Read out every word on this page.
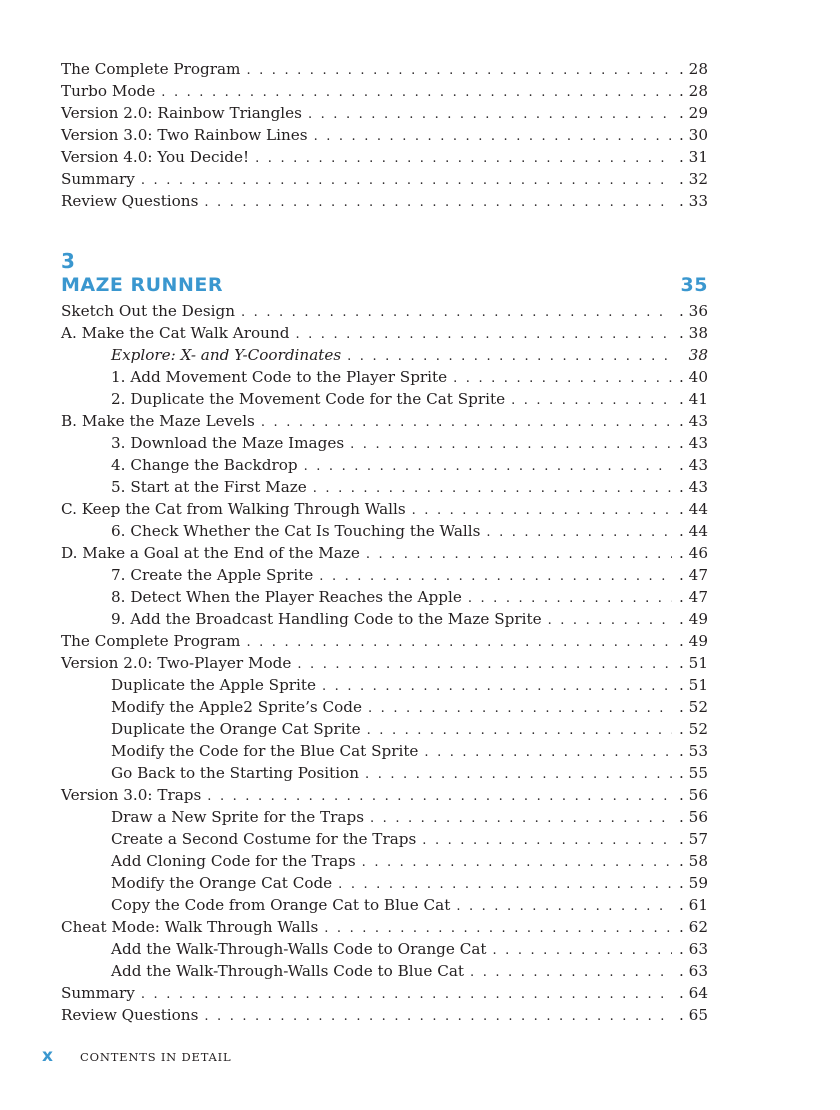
The Complete Program . . .	. 28
Turbo Mode . . .	. 28
Version 2.0: Rainbow Triangles . . .	. 29
Version 3.0: Two Rainbow Lines . . .	. 30
Version 4.0: You Decide! . . .	. 31
Summary . . .	. 32
Review Questions . . .	. 33
3
MAZE RUNNER	35
Sketch Out the Design . . .	. 36
A. Make the Cat Walk Around . . .	. 38
Explore: X- and Y-Coordinates . . .	38
1. Add Movement Code to the Player Sprite . . .	. 40
2. Duplicate the Movement Code for the Cat Sprite . . .	. 41
B. Make the Maze Levels . . .	. 43
3. Download the Maze Images . . .	. 43
4. Change the Backdrop . . .	. 43
5. Start at the First Maze . . .	. 43
C. Keep the Cat from Walking Through Walls . . .	. 44
6. Check Whether the Cat Is Touching the Walls . . .	. 44
D. Make a Goal at the End of the Maze . . .	. 46
7. Create the Apple Sprite . . .	. 47
8. Detect When the Player Reaches the Apple . . .	. 47
9. Add the Broadcast Handling Code to the Maze Sprite . . .	. 49
The Complete Program . . .	. 49
Version 2.0: Two-Player Mode . . .	. 51
Duplicate the Apple Sprite . . .	. 51
Modify the Apple2 Sprite’s Code . . .	. 52
Duplicate the Orange Cat Sprite . . .	. 52
Modify the Code for the Blue Cat Sprite . . .	. 53
Go Back to the Starting Position . . .	. 55
Version 3.0: Traps . . .	. 56
Draw a New Sprite for the Traps . . .	. 56
Create a Second Costume for the Traps . . .	. 57
Add Cloning Code for the Traps . . .	. 58
Modify the Orange Cat Code . . .	. 59
Copy the Code from Orange Cat to Blue Cat . . .	. 61
Cheat Mode: Walk Through Walls . . .	. 62
Add the Walk-Through-Walls Code to Orange Cat . . .	. 63
Add the Walk-Through-Walls Code to Blue Cat . . .	. 63
Summary . . .	. 64
Review Questions . . .	. 65
x	CONTENTS IN DETAIL
